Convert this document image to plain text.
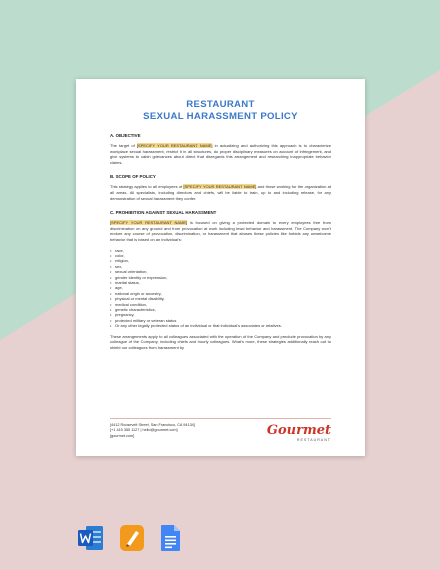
RESTAURANT
SEXUAL HARASSMENT POLICY
A. OBJECTIVE
The target of [SPECIFY YOUR RESTAURANT NAME] in actualizing and authorizing this approach is to characterize workplace sexual harassment, restrict it in all structures, do proper disciplinary measures on account of infringement, and give systems to cabin grievances about direct that disregards this arrangement and researching inappropriate behavior claims.
B. SCOPE OF POLICY
This strategy applies to all employees of [SPECIFY YOUR RESTAURANT NAME] and those working for the organization at all areas. All specialists, including directors and chiefs, will be liable to train, up to and including release, for any demonstration of sexual harassment they confer.
C. PROHIBITION AGAINST SEXUAL HARASSMENT
[SPECIFY YOUR RESTAURANT NAME] is focused on giving a protected domain to every employees free from discrimination on any ground and from provocation at work including lewd behavior and harassment. The Company won't endure any course of provocation, discrimination, or harassment that abuses these policies like forbids any unwelcome behavior that is based on an individual's:
• race,
• color,
• religion,
• sex,
• sexual orientation,
• gender identity or expression,
• marital status,
• age,
• national origin or ancestry,
• physical or mental disability,
• medical condition,
• genetic characteristics,
• pregnancy,
• protected military or veteran status
• Or any other legally protected status of an individual or that individual's associates or relatives.
These arrangements apply to all colleagues associated with the operation of the Company and preclude provocation by any colleague of the Company, including chiefs and hourly colleagues. What's more, these strategies additionally reach out to shield our colleagues from harassment by
[4412 Roosevelt Street, San Francisco, CA 94134]
[+1 415 355 1127 | hello@gourmet.com]
[gourmet.com]	Gourmet
RESTAURANT
